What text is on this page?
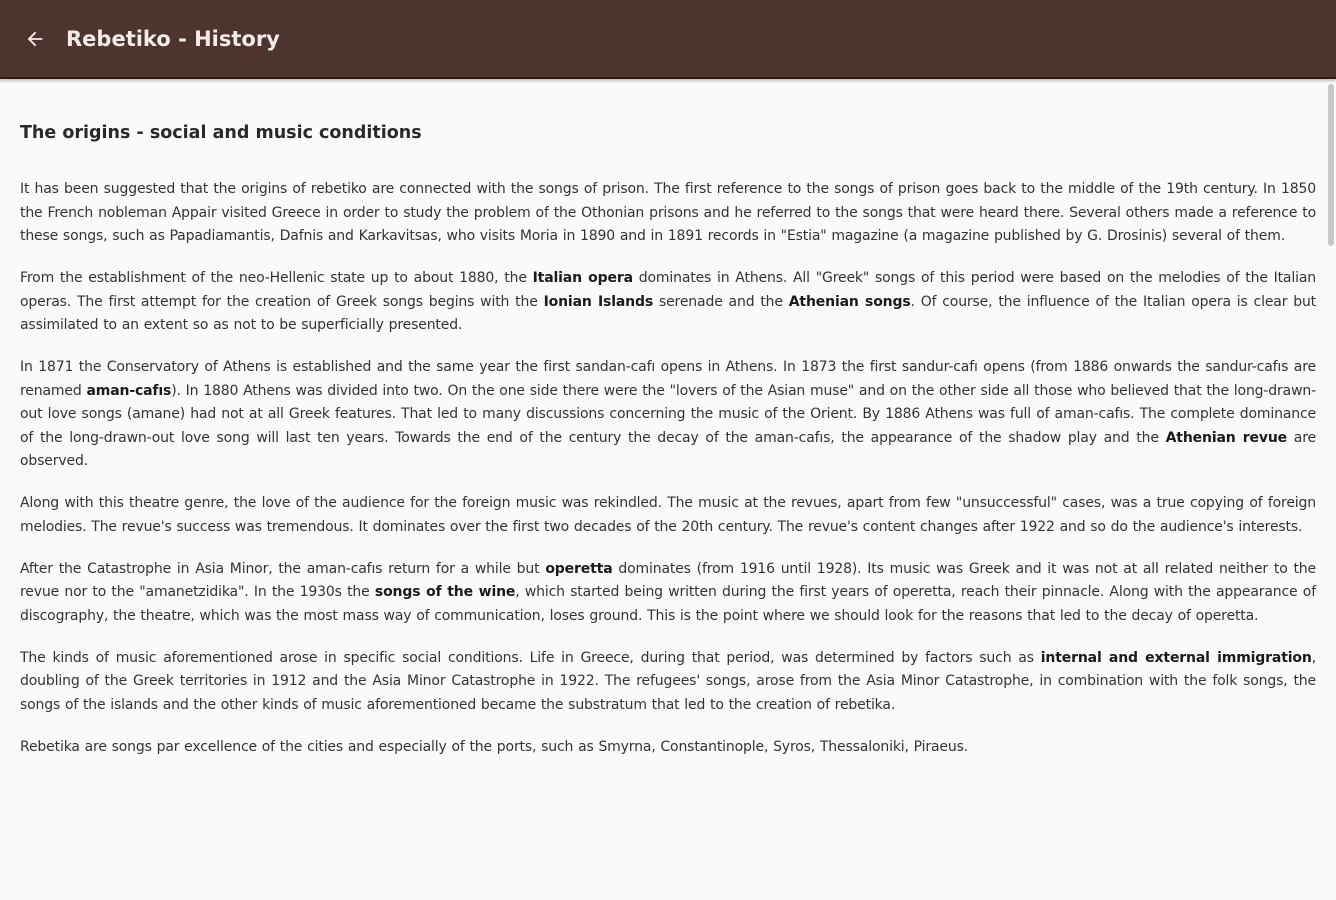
Rebetiko - History
The origins - social and music conditions

It has been suggested that the origins of rebetiko are connected with the songs of prison. The first reference to the songs of prison goes back to the middle of the 19th century. In 1850 the French nobleman Appair visited Greece in order to study the problem of the Othonian prisons and he referred to the songs that were heard there. Several others made a reference to these songs, such as Papadiamantis, Dafnis and Karkavitsas, who visits Moria in 1890 and in 1891 records in "Estia" magazine (a magazine published by G. Drosinis) several of them.

From the establishment of the neo-Hellenic state up to about 1880, the Italian opera dominates in Athens. All "Greek" songs of this period were based on the melodies of the Italian operas. The first attempt for the creation of Greek songs begins with the Ionian Islands serenade and the Athenian songs. Of course, the influence of the Italian opera is clear but assimilated to an extent so as not to be superficially presented.

In 1871 the Conservatory of Athens is established and the same year the first sandan-cafı opens in Athens. In 1873 the first sandur-cafı opens (from 1886 onwards the sandur-cafıs are renamed aman-cafıs). In 1880 Athens was divided into two. On the one side there were the "lovers of the Asian muse" and on the other side all those who believed that the long-drawn-out love songs (amane) had not at all Greek features. That led to many discussions concerning the music of the Orient. By 1886 Athens was full of aman-cafıs. The complete dominance of the long-drawn-out love song will last ten years. Towards the end of the century the decay of the aman-cafıs, the appearance of the shadow play and the Athenian revue are observed.

Along with this theatre genre, the love of the audience for the foreign music was rekindled. The music at the revues, apart from few "unsuccessful" cases, was a true copying of foreign melodies. The revue's success was tremendous. It dominates over the first two decades of the 20th century. The revue's content changes after 1922 and so do the audience's interests.

After the Catastrophe in Asia Minor, the aman-cafıs return for a while but operetta dominates (from 1916 until 1928). Its music was Greek and it was not at all related neither to the revue nor to the "amanetzidika". In the 1930s the songs of the wine, which started being written during the first years of operetta, reach their pinnacle. Along with the appearance of discography, the theatre, which was the most mass way of communication, loses ground. This is the point where we should look for the reasons that led to the decay of operetta.

The kinds of music aforementioned arose in specific social conditions. Life in Greece, during that period, was determined by factors such as internal and external immigration, doubling of the Greek territories in 1912 and the Asia Minor Catastrophe in 1922. The refugees' songs, arose from the Asia Minor Catastrophe, in combination with the folk songs, the songs of the islands and the other kinds of music aforementioned became the substratum that led to the creation of rebetika.

Rebetika are songs par excellence of the cities and especially of the ports, such as Smyrna, Constantinople, Syros, Thessaloniki, Piraeus.
